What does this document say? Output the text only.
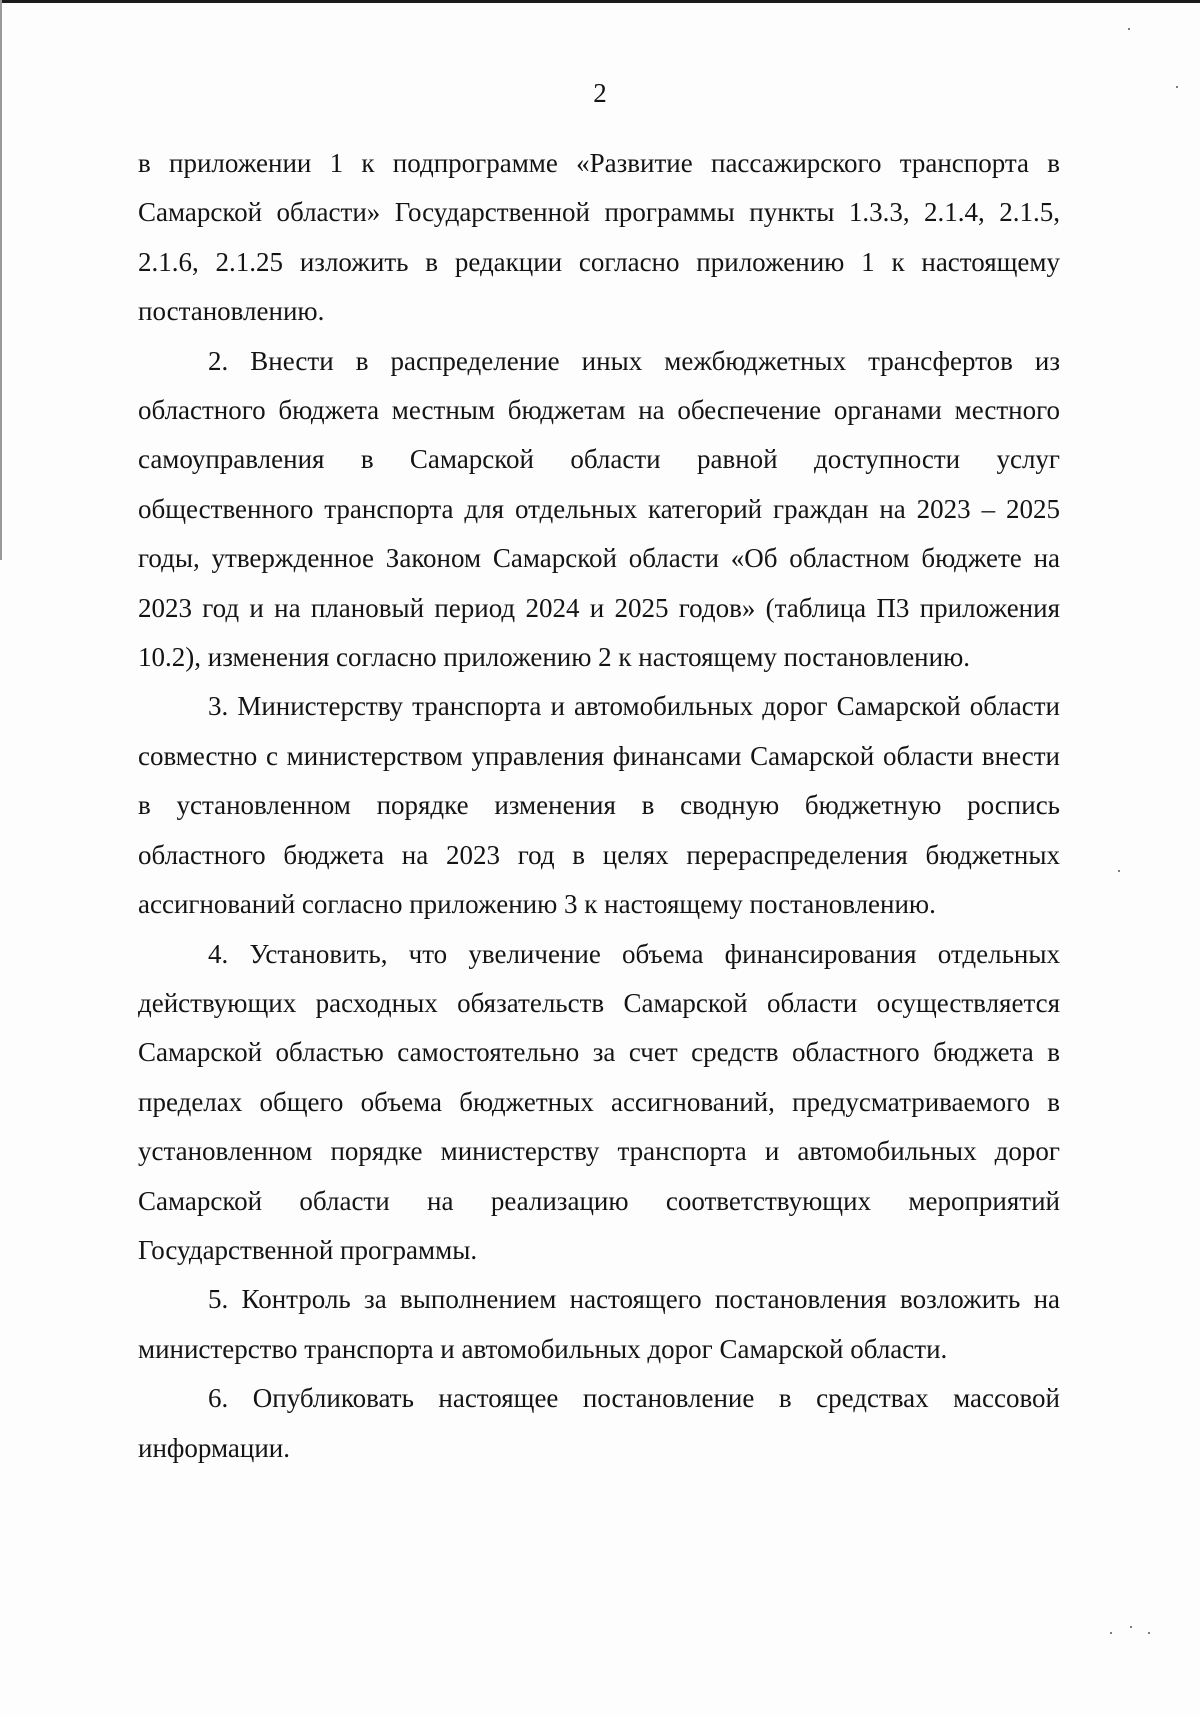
2

в приложении 1 к подпрограмме «Развитие пассажирского транспорта в Самарской области» Государственной программы пункты 1.3.3, 2.1.4, 2.1.5, 2.1.6, 2.1.25 изложить в редакции согласно приложению 1 к настоящему постановлению.

2. Внести в распределение иных межбюджетных трансфертов из областного бюджета местным бюджетам на обеспечение органами местного самоуправления в Самарской области равной доступности услуг общественного транспорта для отдельных категорий граждан на 2023 – 2025 годы, утвержденное Законом Самарской области «Об областном бюджете на 2023 год и на плановый период 2024 и 2025 годов» (таблица П3 приложения 10.2), изменения согласно приложению 2 к настоящему постановлению.

3. Министерству транспорта и автомобильных дорог Самарской области совместно с министерством управления финансами Самарской области внести в установленном порядке изменения в сводную бюджетную роспись областного бюджета на 2023 год в целях перераспределения бюджетных ассигнований согласно приложению 3 к настоящему постановлению.

4. Установить, что увеличение объема финансирования отдельных действующих расходных обязательств Самарской области осуществляется Самарской областью самостоятельно за счет средств областного бюджета в пределах общего объема бюджетных ассигнований, предусматриваемого в установленном порядке министерству транспорта и автомобильных дорог Самарской области на реализацию соответствующих мероприятий Государственной программы.

5. Контроль за выполнением настоящего постановления возложить на министерство транспорта и автомобильных дорог Самарской области.

6. Опубликовать настоящее постановление в средствах массовой информации.
